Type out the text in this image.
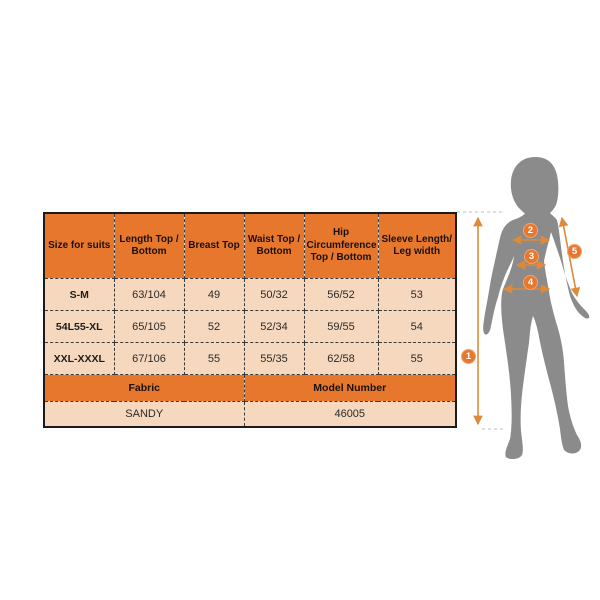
Size for suits	Length Top / Bottom	Breast Top	Waist Top / Bottom	Hip Circumference Top / Bottom	Sleeve Length/ Leg width
S-M	63/104	49	50/32	56/52	53
54L55-XL	65/105	52	52/34	59/55	54
XXL-XXXL	67/106	55	55/35	62/58	55
Fabric			Model Number		
SANDY			46005		
1
2
3
4
5
